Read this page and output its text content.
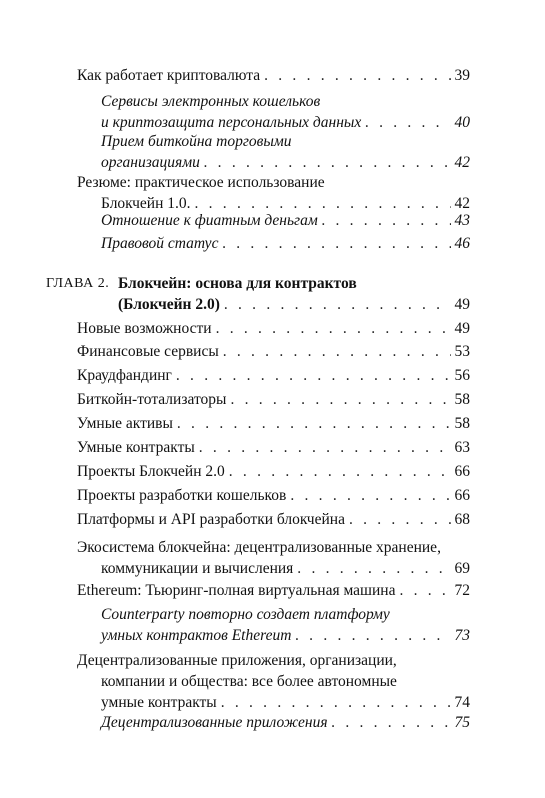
Как работает криптовалюта . . .	39
Сервисы электронных кошельков
и криптозащита персональных данных . . .	40
Прием биткойна торговыми
организациями . . .	42
Резюме: практическое использование
Блокчейн 1.0. . . .	42
Отношение к фиатным деньгам . . .	43
Правовой статус . . .	46
ГЛАВА 2. Блокчейн: основа для контрактов
(Блокчейн 2.0) . . .	49
Новые возможности . . .	49
Финансовые сервисы . . .	53
Краудфандинг . . .	56
Биткойн-тотализаторы . . .	58
Умные активы . . .	58
Умные контракты . . .	63
Проекты Блокчейн 2.0 . . .	66
Проекты разработки кошельков . . .	66
Платформы и API разработки блокчейна . . .	68
Экосистема блокчейна: децентрализованные хранение,
коммуникации и вычисления . . .	69
Ethereum: Тьюринг-полная виртуальная машина . . .	72
Counterparty повторно создает платформу
умных контрактов Ethereum . . .	73
Децентрализованные приложения, организации,
компании и общества: все более автономные
умные контракты . . .	74
Децентрализованные приложения . . .	75
